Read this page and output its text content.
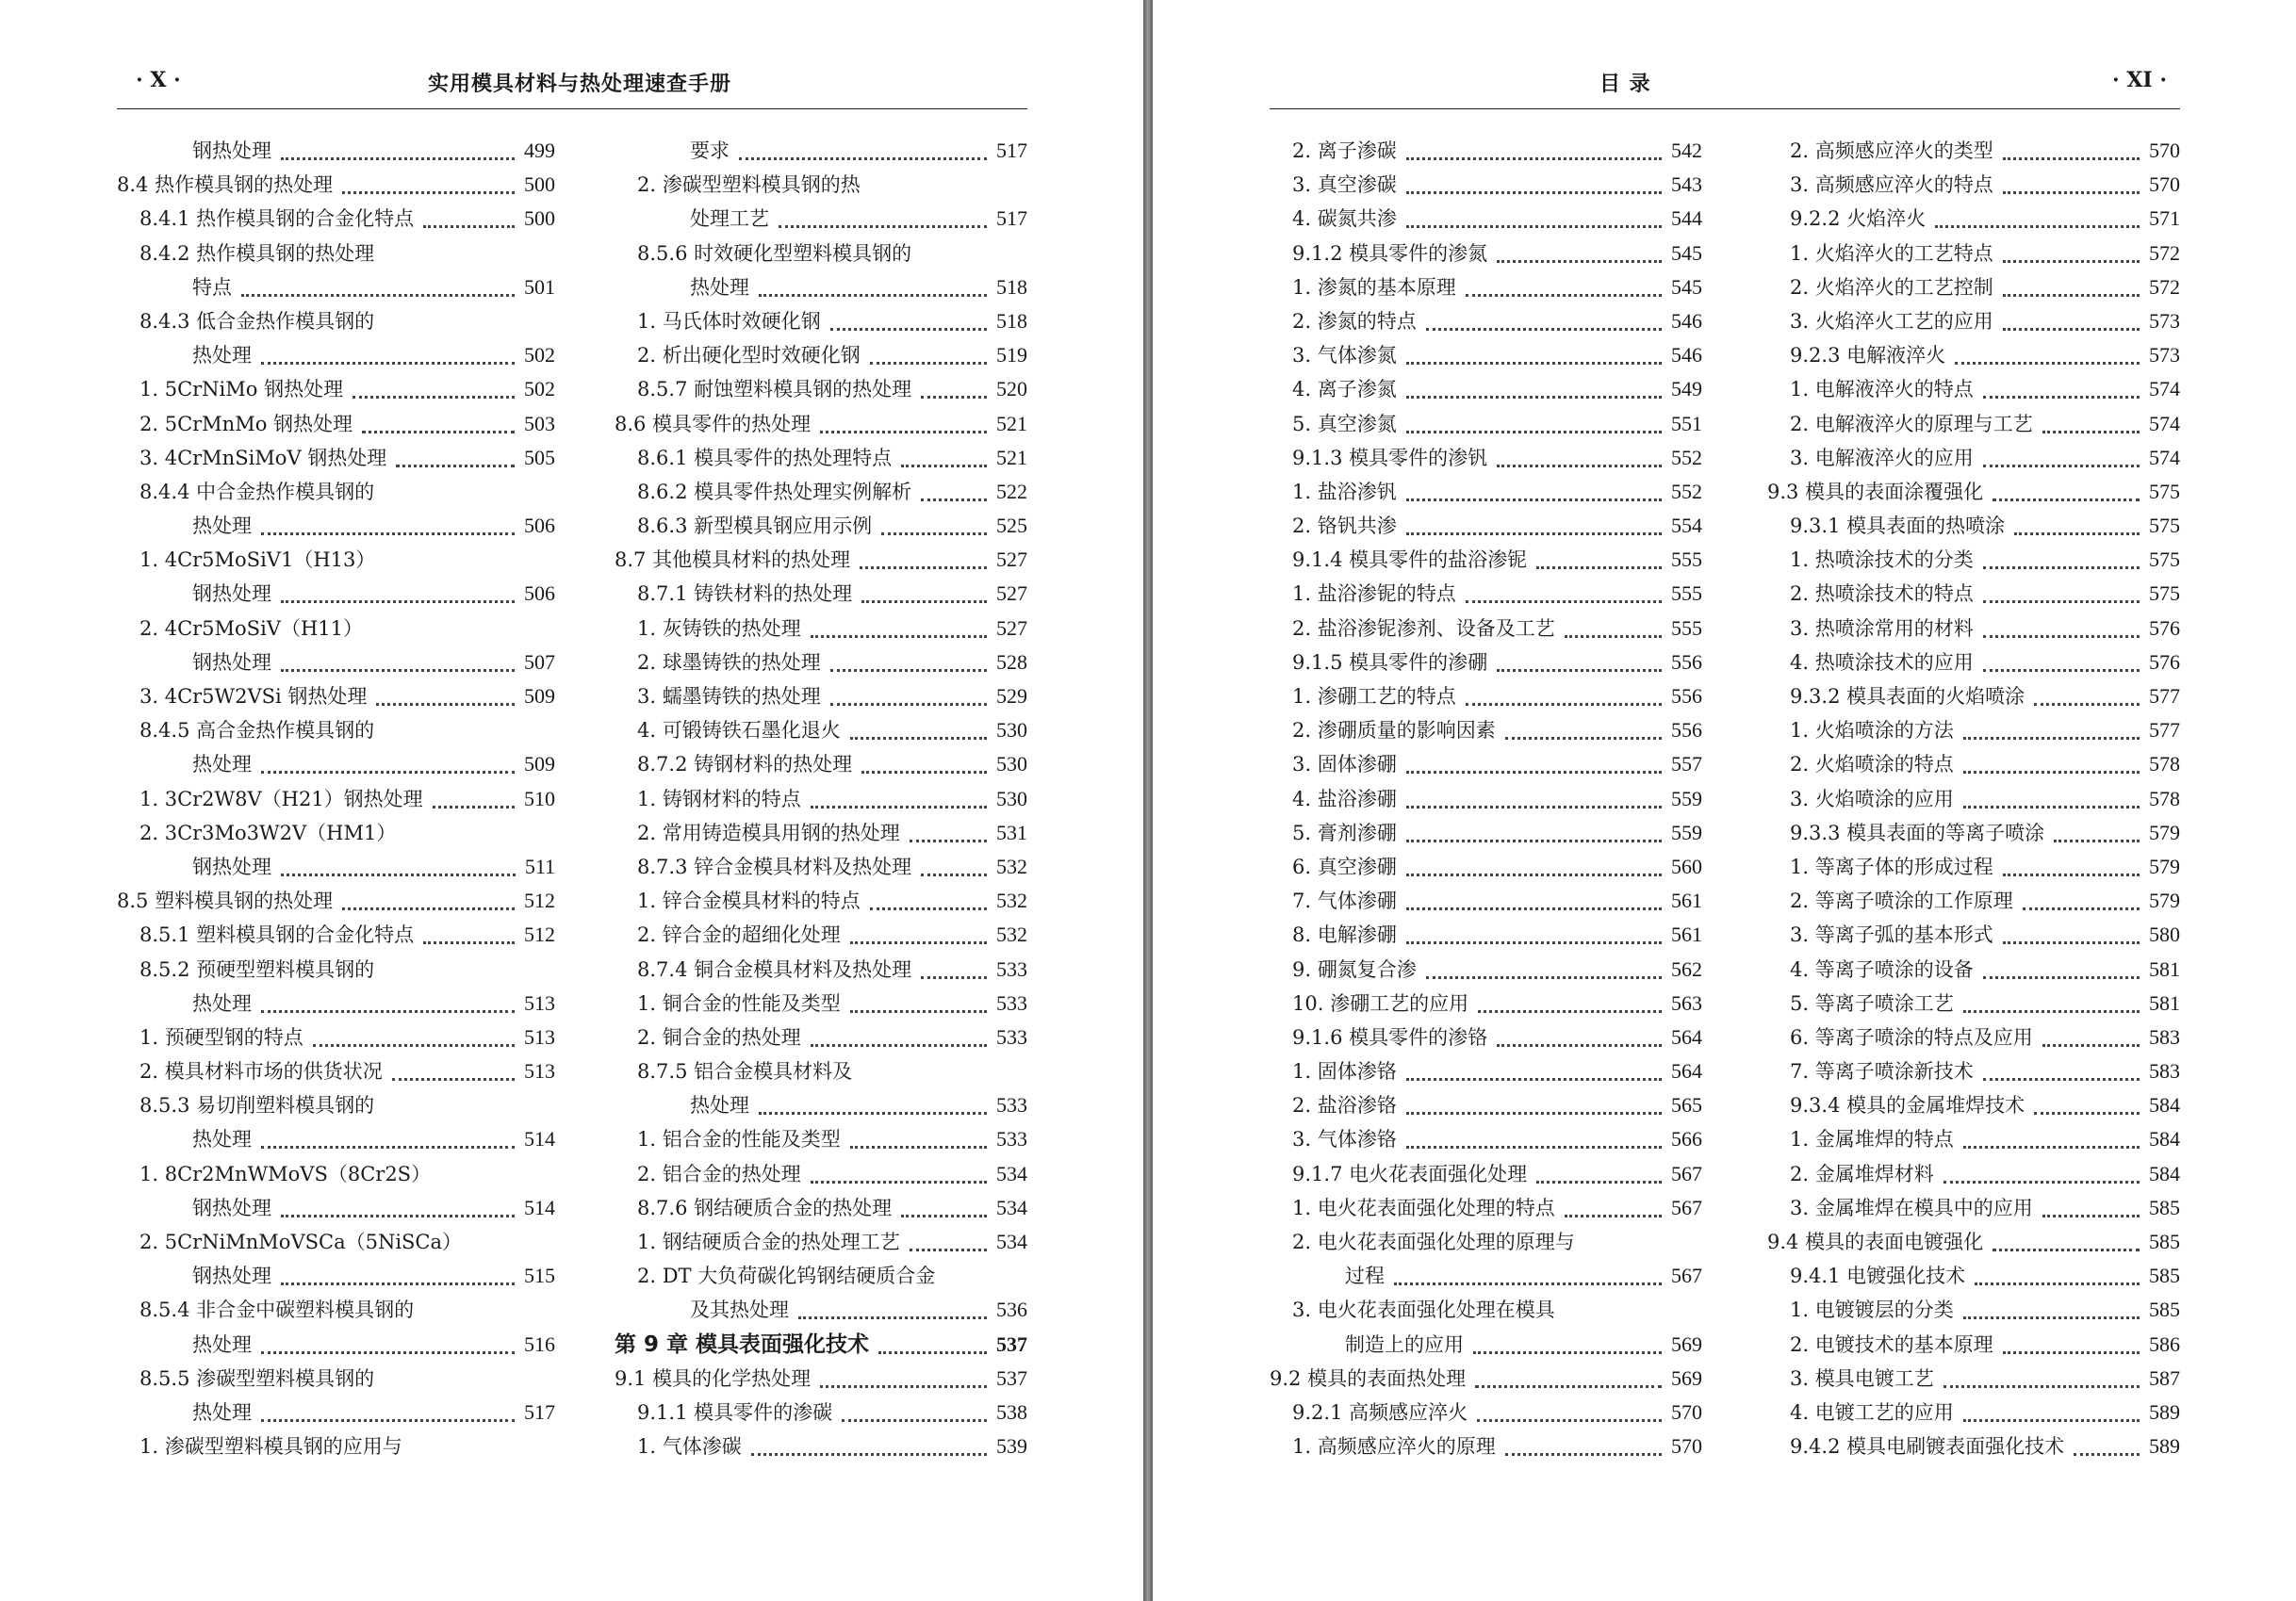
· X ·	实用模具材料与热处理速查手册
钢热处理	499
8.4 热作模具钢的热处理	500
8.4.1 热作模具钢的合金化特点	500
8.4.2 热作模具钢的热处理
特点	501
8.4.3 低合金热作模具钢的
热处理	502
1. 5CrNiMo 钢热处理	502
2. 5CrMnMo 钢热处理	503
3. 4CrMnSiMoV 钢热处理	505
8.4.4 中合金热作模具钢的
热处理	506
1. 4Cr5MoSiV1（H13）
钢热处理	506
2. 4Cr5MoSiV（H11）
钢热处理	507
3. 4Cr5W2VSi 钢热处理	509
8.4.5 高合金热作模具钢的
热处理	509
1. 3Cr2W8V（H21）钢热处理	510
2. 3Cr3Mo3W2V（HM1）
钢热处理	511
8.5 塑料模具钢的热处理	512
8.5.1 塑料模具钢的合金化特点	512
8.5.2 预硬型塑料模具钢的
热处理	513
1. 预硬型钢的特点	513
2. 模具材料市场的供货状况	513
8.5.3 易切削塑料模具钢的
热处理	514
1. 8Cr2MnWMoVS（8Cr2S）
钢热处理	514
2. 5CrNiMnMoVSCa（5NiSCa）
钢热处理	515
8.5.4 非合金中碳塑料模具钢的
热处理	516
8.5.5 渗碳型塑料模具钢的
热处理	517
1. 渗碳型塑料模具钢的应用与
要求	517
2. 渗碳型塑料模具钢的热
处理工艺	517
8.5.6 时效硬化型塑料模具钢的
热处理	518
1. 马氏体时效硬化钢	518
2. 析出硬化型时效硬化钢	519
8.5.7 耐蚀塑料模具钢的热处理	520
8.6 模具零件的热处理	521
8.6.1 模具零件的热处理特点	521
8.6.2 模具零件热处理实例解析	522
8.6.3 新型模具钢应用示例	525
8.7 其他模具材料的热处理	527
8.7.1 铸铁材料的热处理	527
1. 灰铸铁的热处理	527
2. 球墨铸铁的热处理	528
3. 蠕墨铸铁的热处理	529
4. 可锻铸铁石墨化退火	530
8.7.2 铸钢材料的热处理	530
1. 铸钢材料的特点	530
2. 常用铸造模具用钢的热处理	531
8.7.3 锌合金模具材料及热处理	532
1. 锌合金模具材料的特点	532
2. 锌合金的超细化处理	532
8.7.4 铜合金模具材料及热处理	533
1. 铜合金的性能及类型	533
2. 铜合金的热处理	533
8.7.5 铝合金模具材料及
热处理	533
1. 铝合金的性能及类型	533
2. 铝合金的热处理	534
8.7.6 钢结硬质合金的热处理	534
1. 钢结硬质合金的热处理工艺	534
2. DT 大负荷碳化钨钢结硬质合金
及其热处理	536
第 9 章 模具表面强化技术	537
9.1 模具的化学热处理	537
9.1.1 模具零件的渗碳	538
1. 气体渗碳	539
目 录	· XI ·
2. 离子渗碳	542
3. 真空渗碳	543
4. 碳氮共渗	544
9.1.2 模具零件的渗氮	545
1. 渗氮的基本原理	545
2. 渗氮的特点	546
3. 气体渗氮	546
4. 离子渗氮	549
5. 真空渗氮	551
9.1.3 模具零件的渗钒	552
1. 盐浴渗钒	552
2. 铬钒共渗	554
9.1.4 模具零件的盐浴渗铌	555
1. 盐浴渗铌的特点	555
2. 盐浴渗铌渗剂、设备及工艺	555
9.1.5 模具零件的渗硼	556
1. 渗硼工艺的特点	556
2. 渗硼质量的影响因素	556
3. 固体渗硼	557
4. 盐浴渗硼	559
5. 膏剂渗硼	559
6. 真空渗硼	560
7. 气体渗硼	561
8. 电解渗硼	561
9. 硼氮复合渗	562
10. 渗硼工艺的应用	563
9.1.6 模具零件的渗铬	564
1. 固体渗铬	564
2. 盐浴渗铬	565
3. 气体渗铬	566
9.1.7 电火花表面强化处理	567
1. 电火花表面强化处理的特点	567
2. 电火花表面强化处理的原理与
过程	567
3. 电火花表面强化处理在模具
制造上的应用	569
9.2 模具的表面热处理	569
9.2.1 高频感应淬火	570
1. 高频感应淬火的原理	570
2. 高频感应淬火的类型	570
3. 高频感应淬火的特点	570
9.2.2 火焰淬火	571
1. 火焰淬火的工艺特点	572
2. 火焰淬火的工艺控制	572
3. 火焰淬火工艺的应用	573
9.2.3 电解液淬火	573
1. 电解液淬火的特点	574
2. 电解液淬火的原理与工艺	574
3. 电解液淬火的应用	574
9.3 模具的表面涂覆强化	575
9.3.1 模具表面的热喷涂	575
1. 热喷涂技术的分类	575
2. 热喷涂技术的特点	575
3. 热喷涂常用的材料	576
4. 热喷涂技术的应用	576
9.3.2 模具表面的火焰喷涂	577
1. 火焰喷涂的方法	577
2. 火焰喷涂的特点	578
3. 火焰喷涂的应用	578
9.3.3 模具表面的等离子喷涂	579
1. 等离子体的形成过程	579
2. 等离子喷涂的工作原理	579
3. 等离子弧的基本形式	580
4. 等离子喷涂的设备	581
5. 等离子喷涂工艺	581
6. 等离子喷涂的特点及应用	583
7. 等离子喷涂新技术	583
9.3.4 模具的金属堆焊技术	584
1. 金属堆焊的特点	584
2. 金属堆焊材料	584
3. 金属堆焊在模具中的应用	585
9.4 模具的表面电镀强化	585
9.4.1 电镀强化技术	585
1. 电镀镀层的分类	585
2. 电镀技术的基本原理	586
3. 模具电镀工艺	587
4. 电镀工艺的应用	589
9.4.2 模具电刷镀表面强化技术	589
